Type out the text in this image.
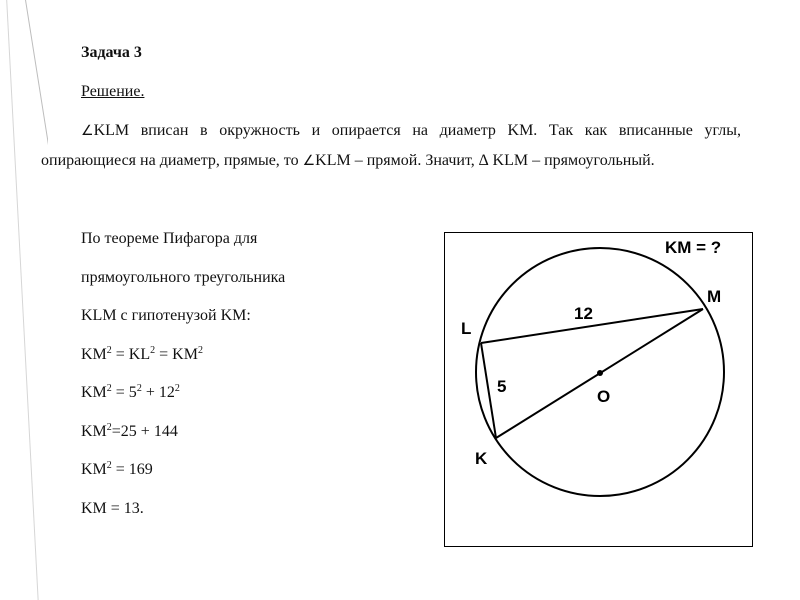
Задача 3
Решение.
∠KLM вписан в окружность и опирается на диаметр KM. Так как вписанные углы, опирающиеся на диаметр, прямые, то ∠KLM – прямой. Значит, ∆ KLM – прямоугольный.
По теореме Пифагора для
прямоугольного треугольника
KLM с гипотенузой KM:
$KM^2 = KL^2 = KM^2$
$KM^2 = 5^2 + 12^2$
$KM^2=25 + 144$
$KM^2 = 169$
KM = 13.
KM = ?
M
L
K
O
12
5
